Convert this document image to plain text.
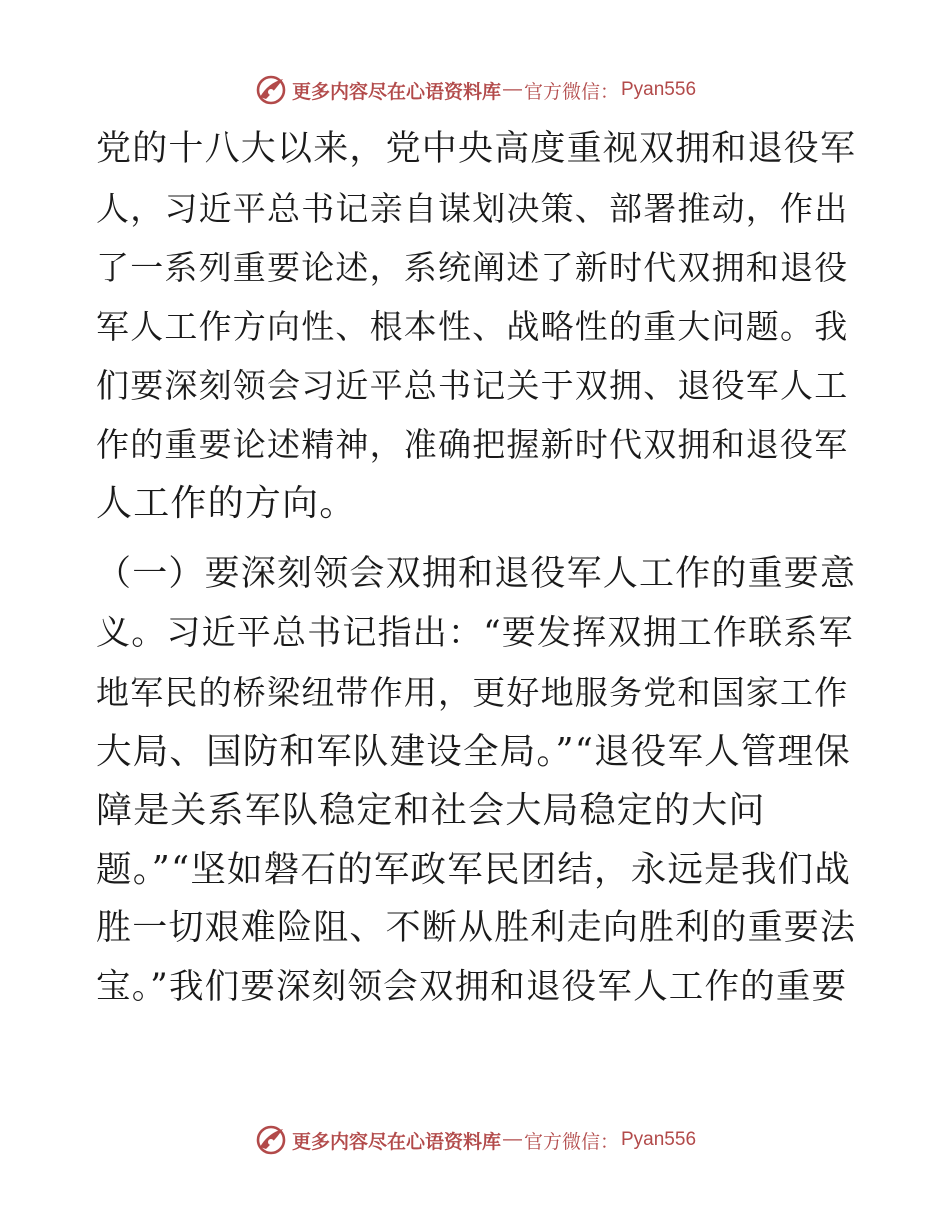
更多内容尽在心语资料库 — 官方微信： Pyan556
党的十八大以来，党中央高度重视双拥和退役军
人，习近平总书记亲自谋划决策、部署推动，作出
了一系列重要论述，系统阐述了新时代双拥和退役
军人工作方向性、根本性、战略性的重大问题。我
们要深刻领会习近平总书记关于双拥、退役军人工
作的重要论述精神，准确把握新时代双拥和退役军
人工作的方向。
（一）要深刻领会双拥和退役军人工作的重要意
义。习近平总书记指出：“要发挥双拥工作联系军
地军民的桥梁纽带作用，更好地服务党和国家工作
大局、国防和军队建设全局。”“退役军人管理保
障是关系军队稳定和社会大局稳定的大问
题。”“坚如磐石的军政军民团结，永远是我们战
胜一切艰难险阻、不断从胜利走向胜利的重要法
宝。”我们要深刻领会双拥和退役军人工作的重要
更多内容尽在心语资料库 — 官方微信： Pyan556
